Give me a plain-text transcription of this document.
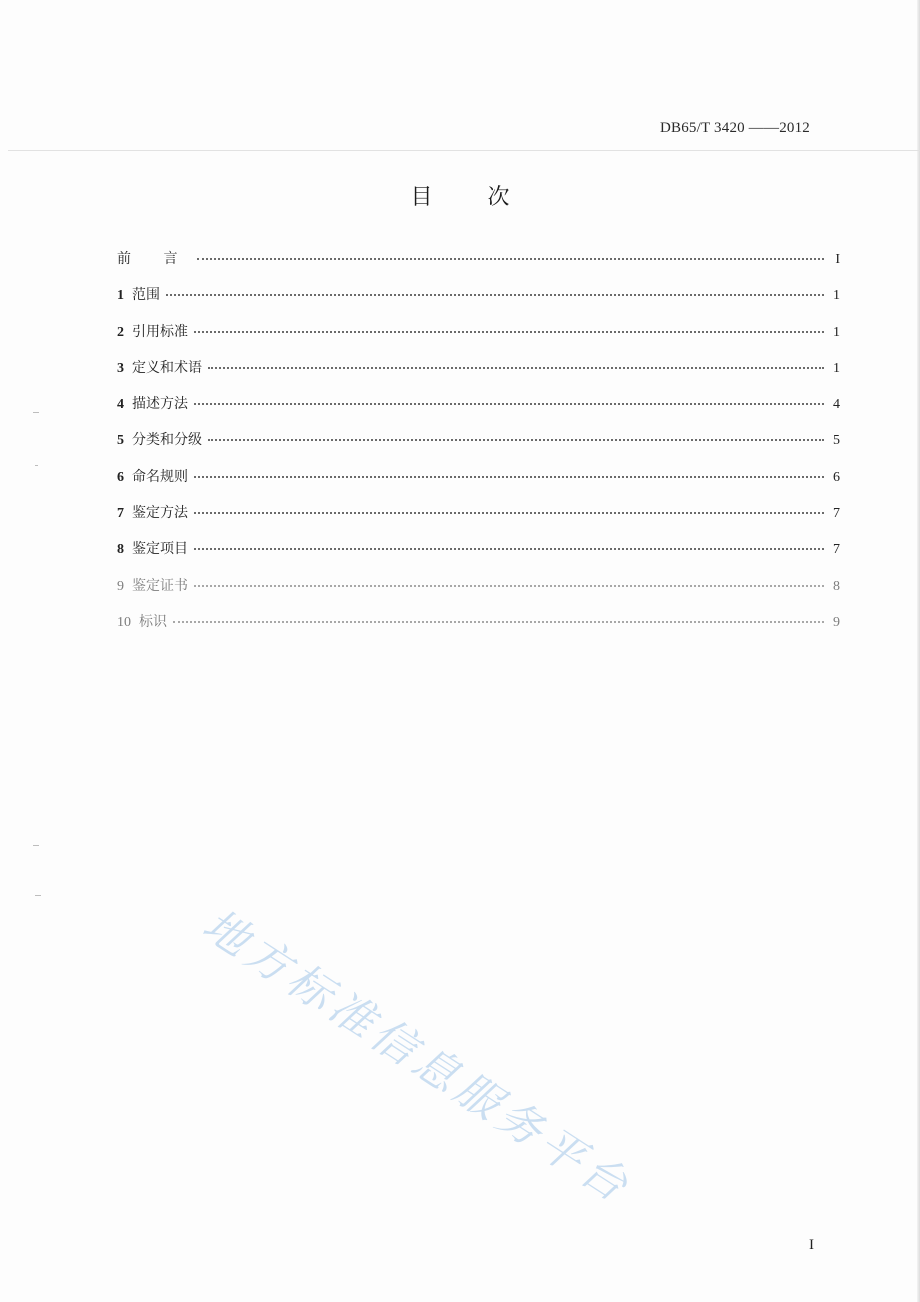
DB65/T 3420 ——2012
目 次
前 言	I
1 范围	1
2 引用标准	1
3 定义和术语	1
4 描述方法	4
5 分类和分级	5
6 命名规则	6
7 鉴定方法	7
8 鉴定项目	7
9 鉴定证书	8
10 标识	9
地方标准信息服务平台
I
